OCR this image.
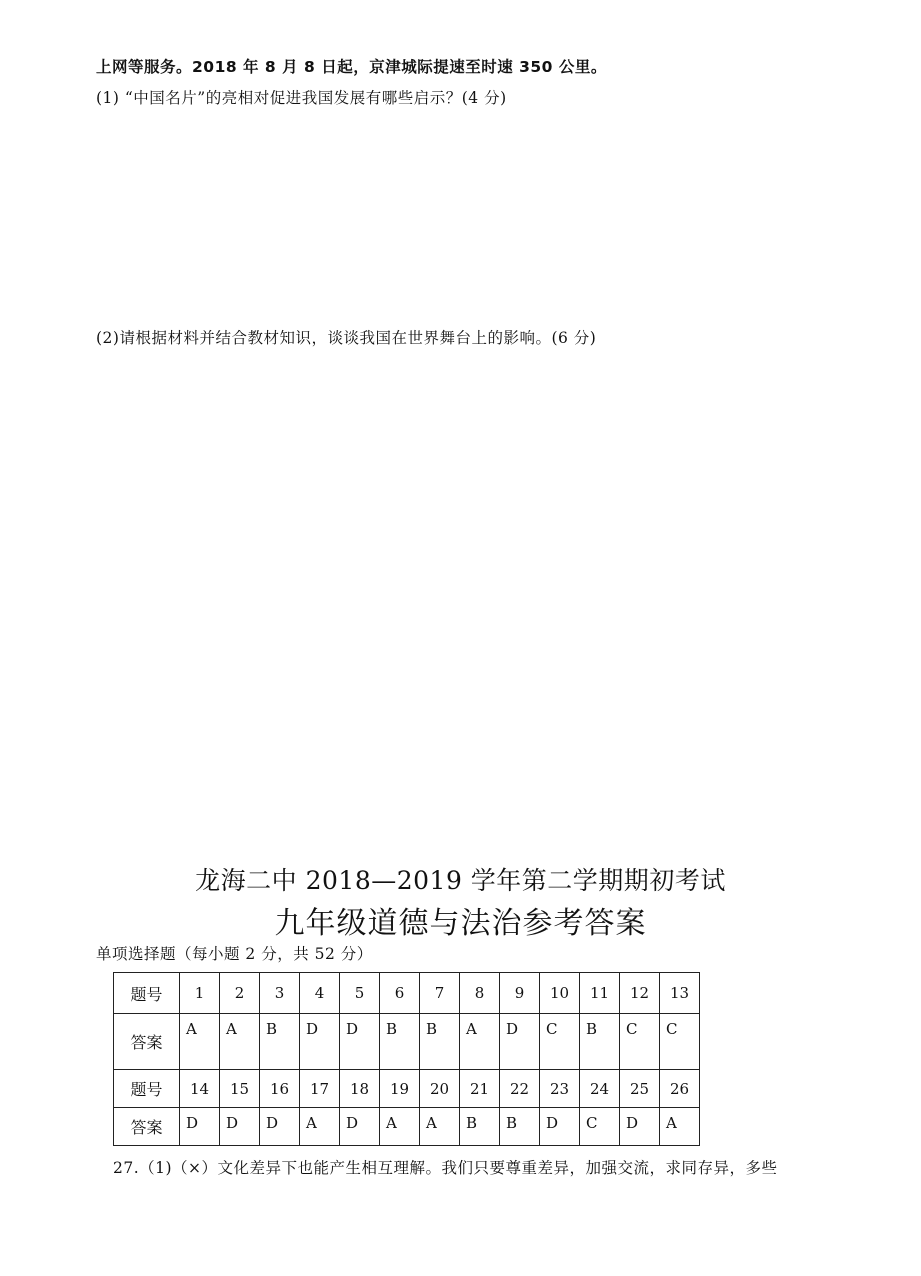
上网等服务。2018 年 8 月 8 日起，京津城际提速至时速 350 公里。
(1) “中国名片”的亮相对促进我国发展有哪些启示？(4 分)
(2)请根据材料并结合教材知识，谈谈我国在世界舞台上的影响。(6 分)
龙海二中 2018—2019 学年第二学期期初考试
九年级道德与法治参考答案
单项选择题（每小题 2 分，共 52 分）
题号	1	2	3	4	5	6	7	8	9	10	11	12	13
答案	A	A	B	D	D	B	B	A	D	C	B	C	C
题号	14	15	16	17	18	19	20	21	22	23	24	25	26
答案	D	D	D	A	D	A	A	B	B	D	C	D	A
27.（1)（×）文化差异下也能产生相互理解。我们只要尊重差异，加强交流，求同存异，多些
